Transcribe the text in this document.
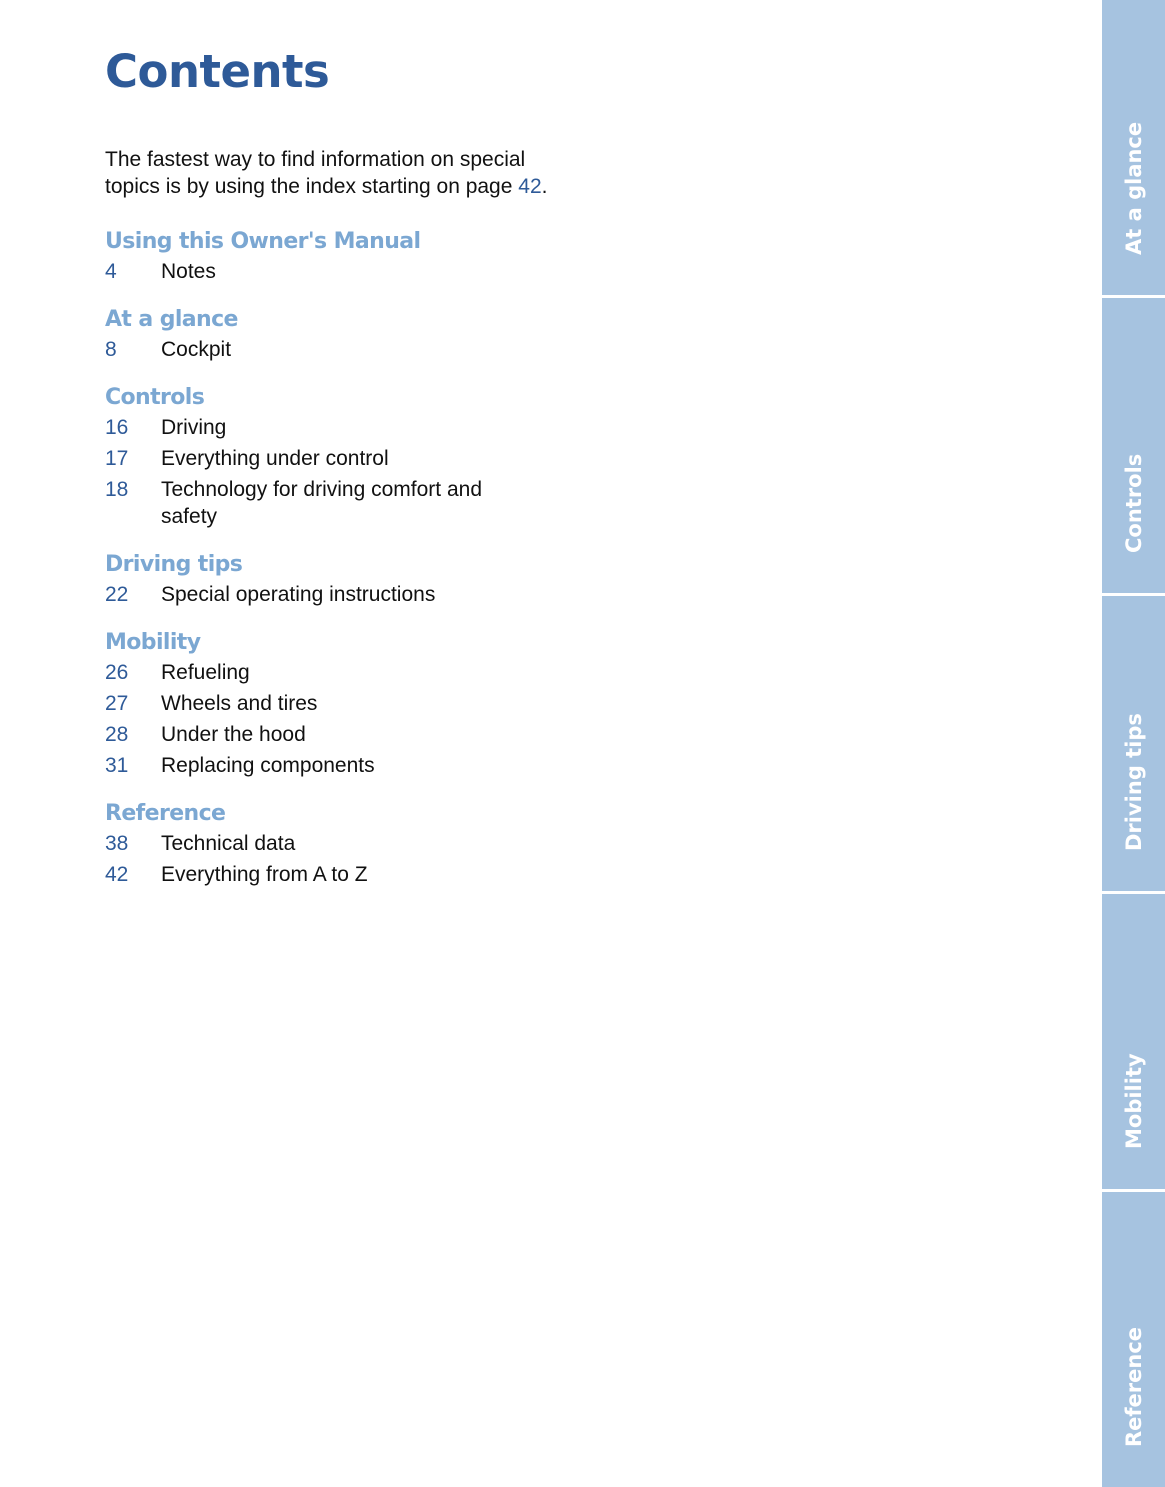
Contents
The fastest way to find information on special topics is by using the index starting on page 42.
Using this Owner's Manual
4	Notes
At a glance
8	Cockpit
Controls
16	Driving
17	Everything under control
18	Technology for driving comfort and safety
Driving tips
22	Special operating instructions
Mobility
26	Refueling
27	Wheels and tires
28	Under the hood
31	Replacing components
Reference
38	Technical data
42	Everything from A to Z
At a glance
Controls
Driving tips
Mobility
Reference
